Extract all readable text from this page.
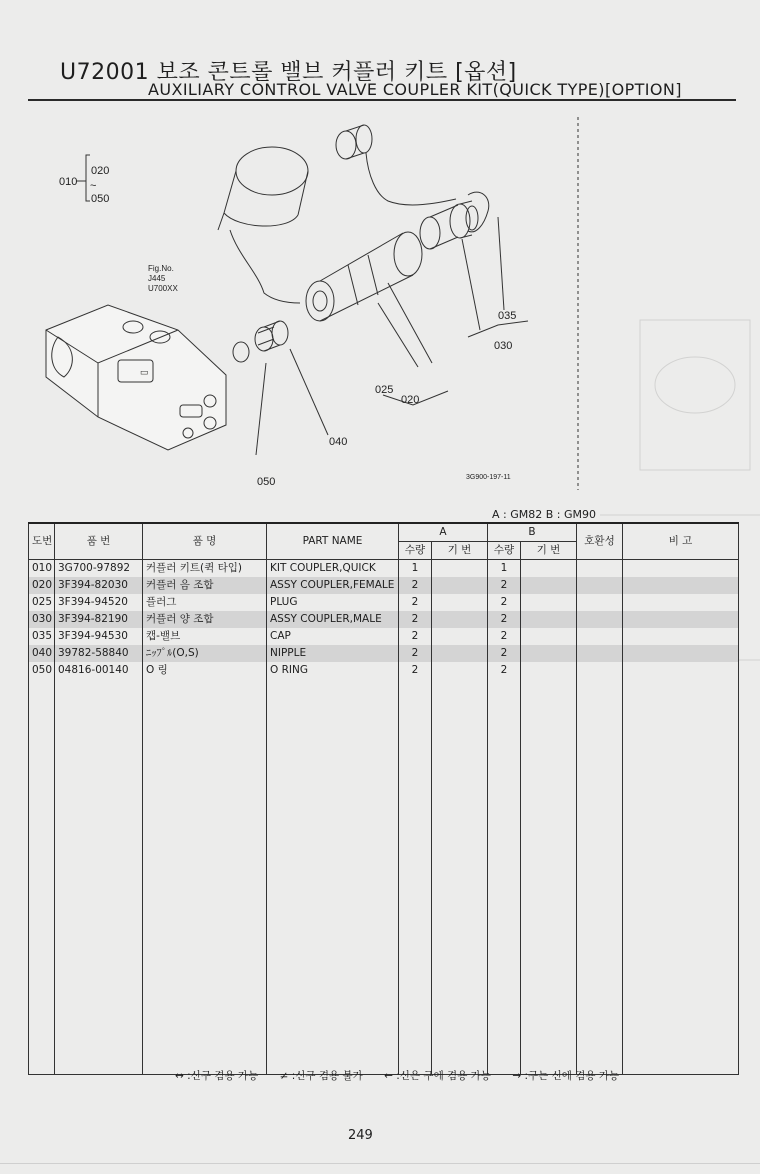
U72001 보조 콘트롤 밸브 커플러 키트 [옵션]
AUXILIARY CONTROL VALVE COUPLER KIT(QUICK TYPE)[OPTION]
▭
020
~
050
010
Fig.No.
J445
U700XX
035
030
025
020
040
050	3G900-197-11
A : GM82 B : GM90
도번	품 번	품 명	PART NAME	A		B		호환성	비 고
				수량	기 번	수량	기 번		
010	3G700-97892	커플러 키트(퀵 타입)	KIT COUPLER,QUICK	1		1			
020	3F394-82030	커플러 음 조합	ASSY COUPLER,FEMALE	2		2			
025	3F394-94520	플러그	PLUG	2		2			
030	3F394-82190	커플러 양 조합	ASSY COUPLER,MALE	2		2			
035	3F394-94530	캡-밸브	CAP	2		2			
040	39782-58840	ﾆｯﾌﾟﾙ(O,S)	NIPPLE	2		2			
050	04816-00140	O 링	O RING	2		2			

↔ :신구 겸용 가능 ≠ :신구 겸용 불가 ← :신은 구에 겸용 가능 → :구는 신에 겸용 가능
249
